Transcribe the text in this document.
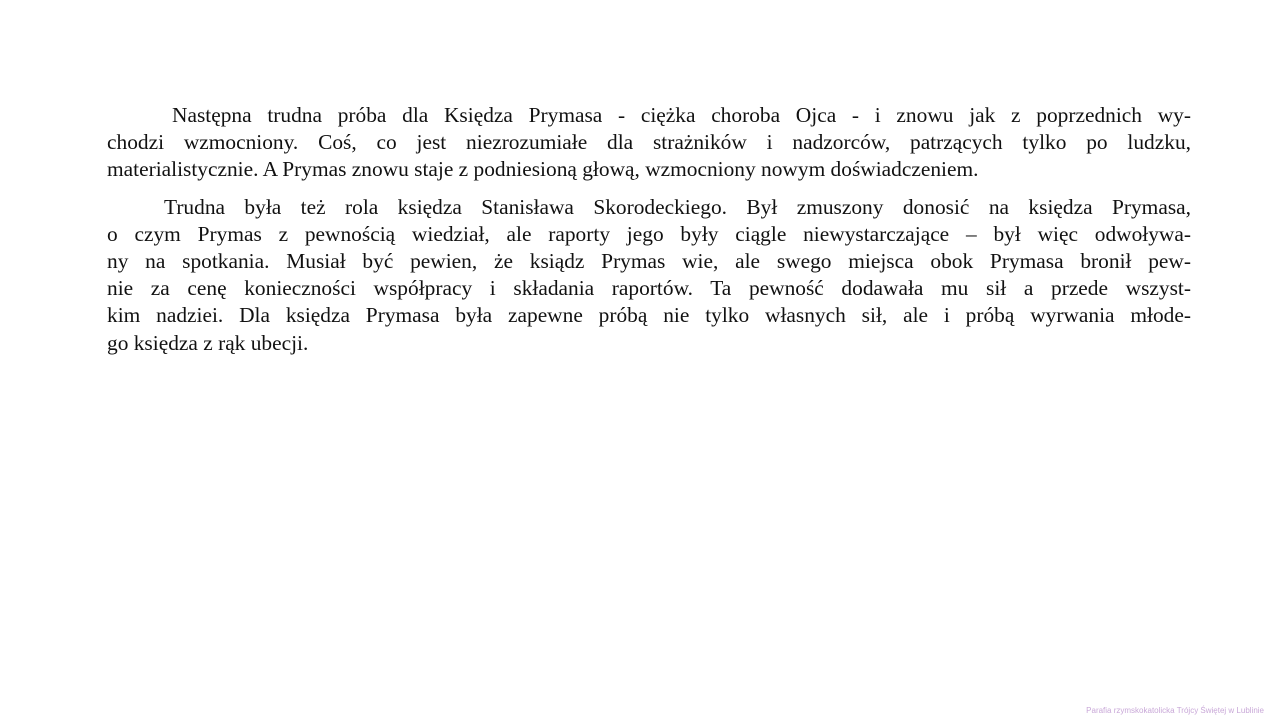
Następna trudna próba dla Księdza Prymasa - ciężka choroba Ojca - i znowu jak z poprzednich wy-
chodzi wzmocniony. Coś, co jest niezrozumiałe dla strażników i nadzorców, patrzących tylko po ludzku,
materialistycznie. A Prymas znowu staje z podniesioną głową, wzmocniony nowym doświadczeniem.
Trudna była też rola księdza Stanisława Skorodeckiego. Był zmuszony donosić na księdza Prymasa,
o czym Prymas z pewnością wiedział, ale raporty jego były ciągle niewystarczające – był więc odwoływa-
ny na spotkania. Musiał być pewien, że ksiądz Prymas wie, ale swego miejsca obok Prymasa bronił pew-
nie za cenę konieczności współpracy i składania raportów. Ta pewność dodawała mu sił a przede wszyst-
kim nadziei. Dla księdza Prymasa była zapewne próbą nie tylko własnych sił, ale i próbą wyrwania młode-
go księdza z rąk ubecji.
Parafia rzymskokatolicka Trójcy Świętej w Lublinie
